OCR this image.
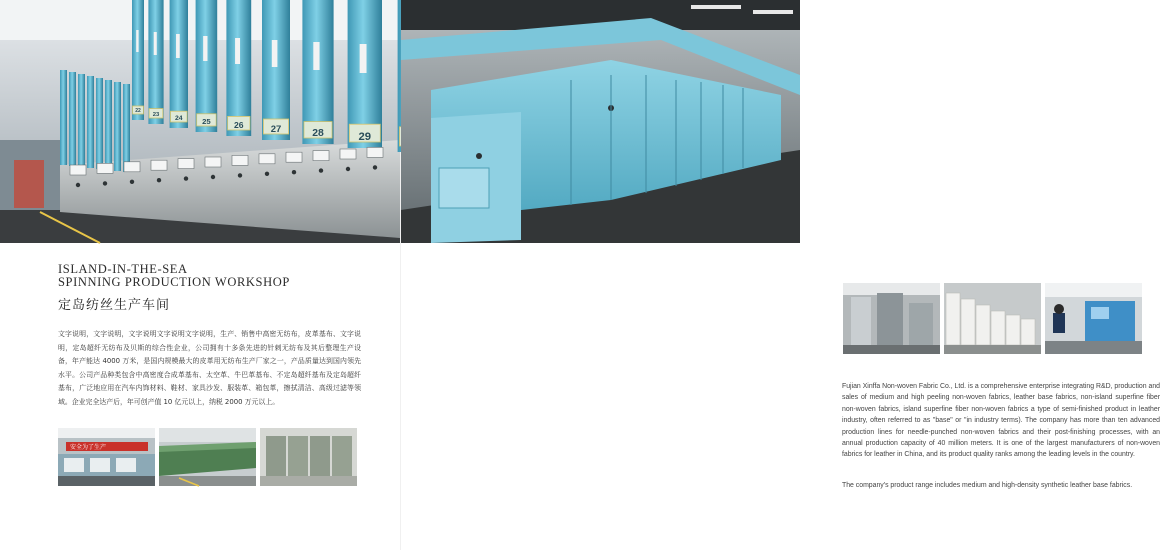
22
23 24	25	26	27	28	29

ISLAND-IN-THE-SEA

SPINNING PRODUCTION WORKSHOP

定岛纺丝生产车间

文字说明，文字说明，文字说明文字说明文字说明，生产、销售中高密无纺布，皮革基布、文字说明，定岛超纤无纺布及贝斯的综合性企业，公司拥有十多条先进的针刺无纺布及其后整理生产设备，年产能达 4000 万米，是国内规模最大的皮革用无纺布生产厂家之一，产品质量达到国内领先水平。公司产品种类包含中高密度合成革基布、太空革、牛巴革基布、不定岛超纤基布及定岛超纤基布，广泛地应用在汽车内饰材料、鞋材、家具沙发、服装革、箱包革，擦拭清洁、高级过滤等领域。企业完全达产后，年可创产值 10 亿元以上，纳税 2000 万元以上。

安全为了生产

Fujian Xinffa Non-woven Fabric Co., Ltd. is a comprehensive enterprise integrating R&D, production and sales of medium and high peeling non-woven fabrics, leather base fabrics, non-island superfine fiber non-woven fabrics, island superfine fiber non-woven fabrics a type of semi-finished product in leather industry, often referred to as "base" or "in industry terms). The company has more than ten advanced production lines for needle-punched non-woven fabrics and their post-finishing processes, with an annual production capacity of 40 million meters. It is one of the largest manufacturers of non-woven fabrics for leather in China, and its product quality ranks among the leading levels in the country.

The company's product range includes medium and high-density synthetic leather base fabrics.
